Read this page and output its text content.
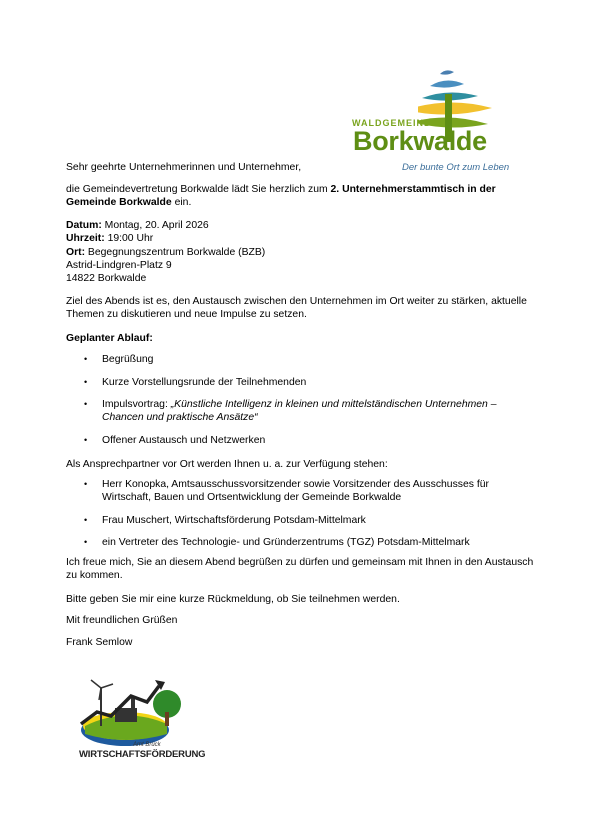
WALDGEMEINDE
Borkwalde
Der bunte Ort zum Leben

Sehr geehrte Unternehmerinnen und Unternehmer,

die Gemeindevertretung Borkwalde lädt Sie herzlich zum 2. Unternehmerstammtisch in der Gemeinde Borkwalde ein.

Datum: Montag, 20. April 2026
Uhrzeit: 19:00 Uhr
Ort: Begegnungszentrum Borkwalde (BZB)
Astrid-Lindgren-Platz 9
14822 Borkwalde

Ziel des Abends ist es, den Austausch zwischen den Unternehmen im Ort weiter zu stärken, aktuelle Themen zu diskutieren und neue Impulse zu setzen.

Geplanter Ablauf:

• Begrüßung
• Kurze Vorstellungsrunde der Teilnehmenden
• Impulsvortrag: „Künstliche Intelligenz in kleinen und mittelständischen Unternehmen – Chancen und praktische Ansätze“
• Offener Austausch und Netzwerken

Als Ansprechpartner vor Ort werden Ihnen u. a. zur Verfügung stehen:

• Herr Konopka, Amtsausschussvorsitzender sowie Vorsitzender des Ausschusses für Wirtschaft, Bauen und Ortsentwicklung der Gemeinde Borkwalde
• Frau Muschert, Wirtschaftsförderung Potsdam-Mittelmark
• ein Vertreter des Technologie- und Gründerzentrums (TGZ) Potsdam-Mittelmark

Ich freue mich, Sie an diesem Abend begrüßen zu dürfen und gemeinsam mit Ihnen in den Austausch zu kommen.

Bitte geben Sie mir eine kurze Rückmeldung, ob Sie teilnehmen werden.

Mit freundlichen Grüßen

Frank Semlow

Amt Brück
WIRTSCHAFTSFÖRDERUNG
